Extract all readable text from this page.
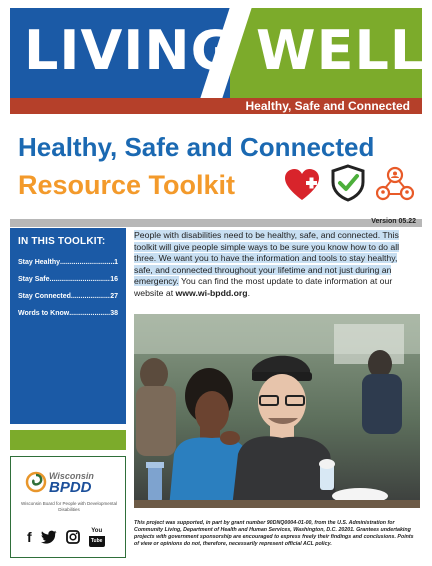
LIVING WELL
Healthy, Safe and Connected
Healthy, Safe and Connected
Resource Toolkit
Version 05.22
IN THIS TOOLKIT:
Stay Healthy .....	1
Stay Safe .....	16
Stay Connected .....	27
Words to Know .....	38
Wisconsin
BPDD
Wisconsin Board for People with Developmental Disabilities
f	You
Tube
People with disabilities need to be healthy, safe, and connected. This toolkit will give people simple ways to be sure you know how to do all three. We want you to have the information and tools to stay healthy, safe, and connected throughout your lifetime and not just during an emergency. You can find the most update to date information at our website at www.wi-bpdd.org.
This project was supported, in part by grant number 90DNQ0004-01-00, from the U.S. Administration for Community Living, Department of Health and Human Services, Washington, D.C. 20201. Grantees undertaking projects with government sponsorship are encouraged to express freely their findings and conclusions. Points of view or opinions do not, therefore, necessarily represent official ACL policy.
